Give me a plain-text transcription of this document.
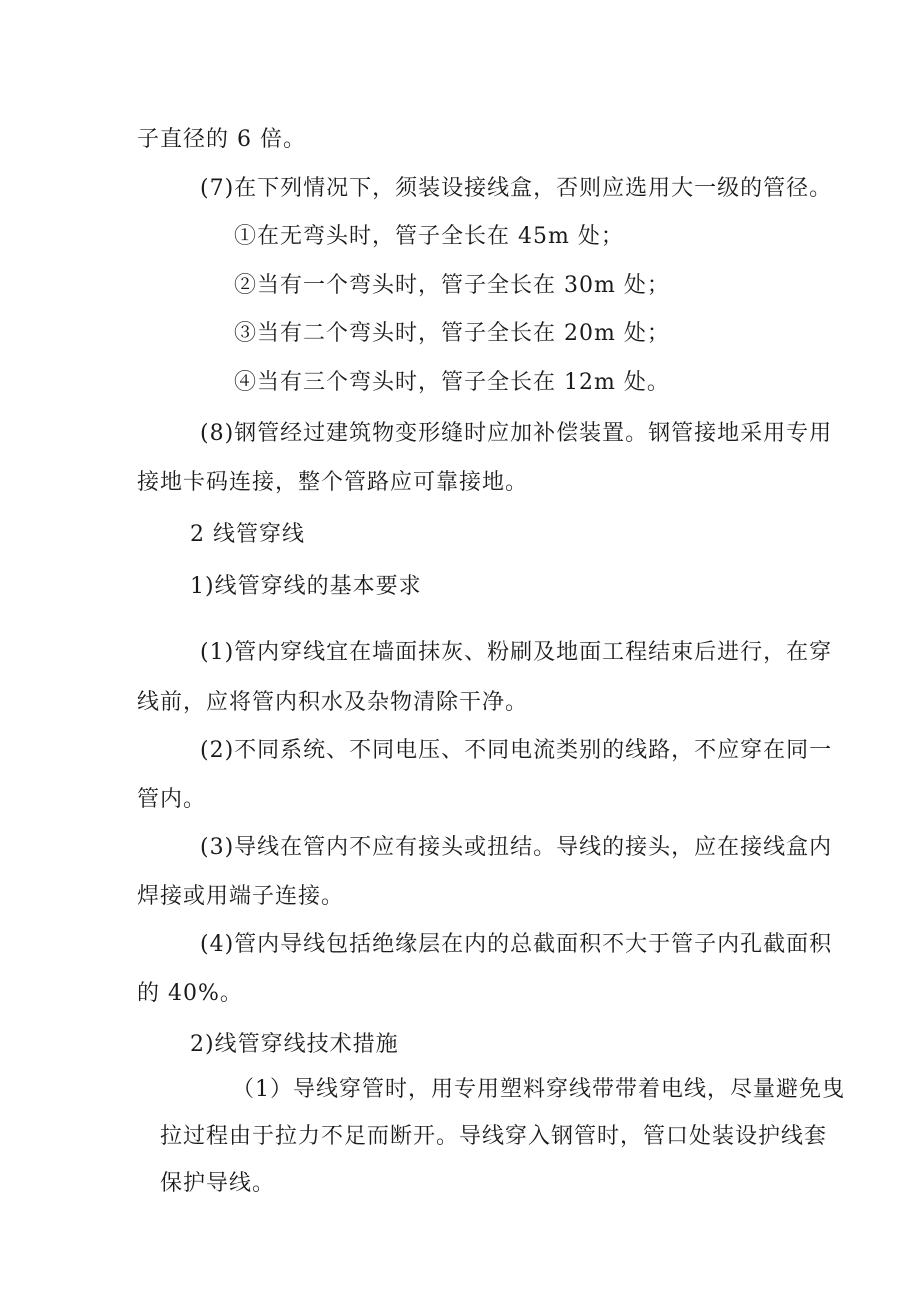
子直径的 6 倍。

(7)在下列情况下，须装设接线盒，否则应选用大一级的管径。

①在无弯头时，管子全长在 45m 处；

②当有一个弯头时，管子全长在 30m 处；

③当有二个弯头时，管子全长在 20m 处；

④当有三个弯头时，管子全长在 12m 处。

(8)钢管经过建筑物变形缝时应加补偿装置。钢管接地采用专用

接地卡码连接，整个管路应可靠接地。

2 线管穿线

1)线管穿线的基本要求

(1)管内穿线宜在墙面抹灰、粉刷及地面工程结束后进行，在穿

线前，应将管内积水及杂物清除干净。

(2)不同系统、不同电压、不同电流类别的线路，不应穿在同一

管内。

(3)导线在管内不应有接头或扭结。导线的接头，应在接线盒内

焊接或用端子连接。

(4)管内导线包括绝缘层在内的总截面积不大于管子内孔截面积

的 40%。

2)线管穿线技术措施

（1）导线穿管时，用专用塑料穿线带带着电线，尽量避免曳

拉过程由于拉力不足而断开。导线穿入钢管时，管口处装设护线套

保护导线。
